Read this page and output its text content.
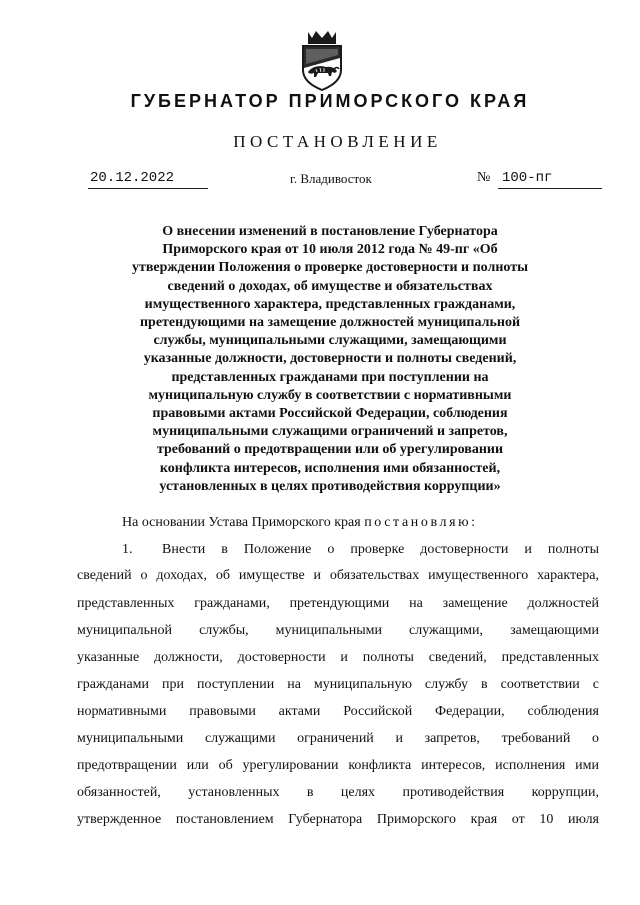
ГУБЕРНАТОР ПРИМОРСКОГО КРАЯ
ПОСТАНОВЛЕНИЕ
20.12.2022	г. Владивосток	№ 100-пг
О внесении изменений в постановление Губернатора
Приморского края от 10 июля 2012 года № 49-пг «Об
утверждении Положения о проверке достоверности и полноты
сведений о доходах, об имуществе и обязательствах
имущественного характера, представленных гражданами,
претендующими на замещение должностей муниципальной
службы, муниципальными служащими, замещающими
указанные должности, достоверности и полноты сведений,
представленных гражданами при поступлении на
муниципальную службу в соответствии с нормативными
правовыми актами Российской Федерации, соблюдения
муниципальными служащими ограничений и запретов,
требований о предотвращении или об урегулировании
конфликта интересов, исполнения ими обязанностей,
установленных в целях противодействия коррупции»
На основании Устава Приморского края постановляю:
1. Внести в Положение о проверке достоверности и полноты
сведений о доходах, об имуществе и обязательствах имущественного характера,
представленных гражданами, претендующими на замещение должностей
муниципальной службы, муниципальными служащими, замещающими
указанные должности, достоверности и полноты сведений, представленных
гражданами при поступлении на муниципальную службу в соответствии с
нормативными правовыми актами Российской Федерации, соблюдения
муниципальными служащими ограничений и запретов, требований о
предотвращении или об урегулировании конфликта интересов, исполнения ими
обязанностей, установленных в целях противодействия коррупции,
утвержденное постановлением Губернатора Приморского края от 10 июля
